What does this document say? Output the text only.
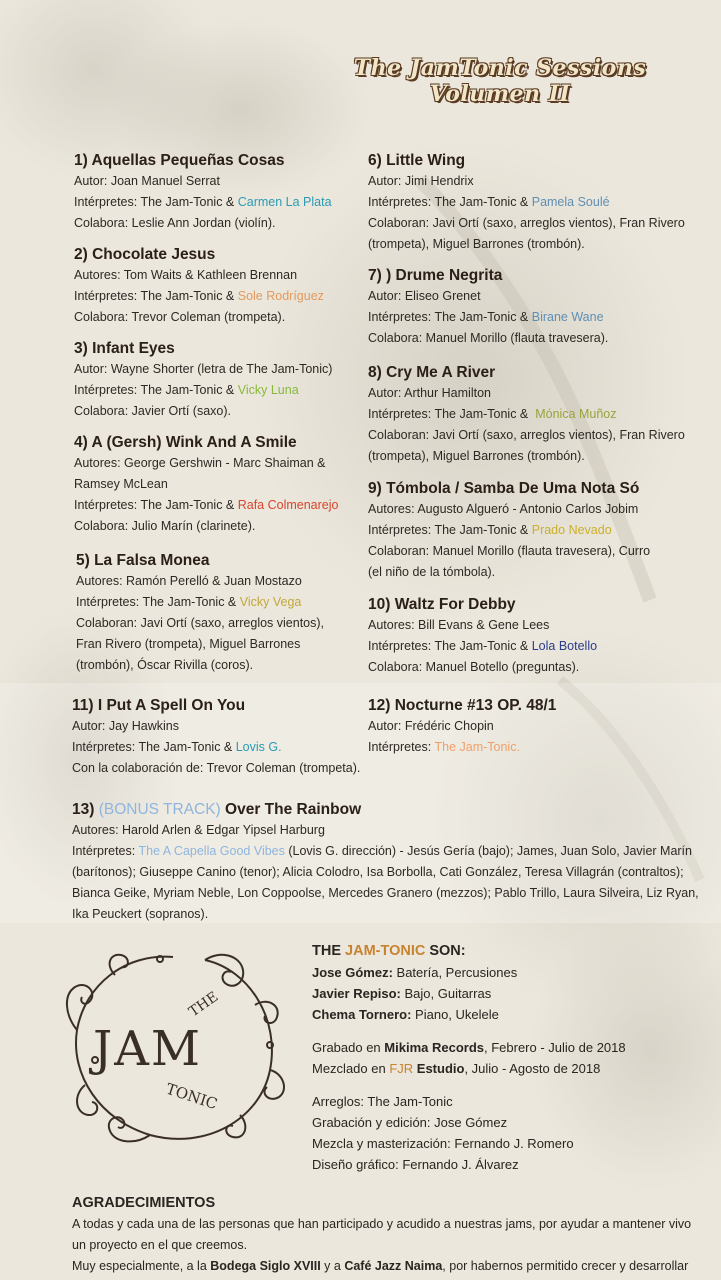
The JamTonic Sessions Volumen II
1) Aquellas Pequeñas Cosas
Autor: Joan Manuel Serrat
Intérpretes: The Jam-Tonic & Carmen La Plata
Colabora: Leslie Ann Jordan (violín).
2) Chocolate Jesus
Autores: Tom Waits & Kathleen Brennan
Intérpretes: The Jam-Tonic & Sole Rodríguez
Colabora: Trevor Coleman (trompeta).
3) Infant Eyes
Autor: Wayne Shorter (letra de The Jam-Tonic)
Intérpretes: The Jam-Tonic & Vicky Luna
Colabora: Javier Ortí (saxo).
4) A (Gersh) Wink And A Smile
Autores: George Gershwin - Marc Shaiman &
Ramsey McLean
Intérpretes: The Jam-Tonic & Rafa Colmenarejo
Colabora: Julio Marín (clarinete).
5) La Falsa Monea
Autores: Ramón Perelló & Juan Mostazo
Intérpretes: The Jam-Tonic & Vicky Vega
Colaboran: Javi Ortí (saxo, arreglos vientos),
Fran Rivero (trompeta), Miguel Barrones
(trombón), Óscar Rivilla (coros).
6) Little Wing
Autor: Jimi Hendrix
Intérpretes: The Jam-Tonic & Pamela Soulé
Colaboran: Javi Ortí (saxo, arreglos vientos), Fran Rivero
(trompeta), Miguel Barrones (trombón).
7) ) Drume Negrita
Autor: Eliseo Grenet
Intérpretes: The Jam-Tonic & Birane Wane
Colabora: Manuel Morillo (flauta travesera).
8) Cry Me A River
Autor: Arthur Hamilton
Intérpretes: The Jam-Tonic &  Mónica Muñoz
Colaboran: Javi Ortí (saxo, arreglos vientos), Fran Rivero
(trompeta), Miguel Barrones (trombón).
9) Tómbola / Samba De Uma Nota Só
Autores: Augusto Algueró - Antonio Carlos Jobim
Intérpretes: The Jam-Tonic & Prado Nevado
Colaboran: Manuel Morillo (flauta travesera), Curro
(el niño de la tómbola).
10) Waltz For Debby
Autores: Bill Evans & Gene Lees
Intérpretes: The Jam-Tonic & Lola Botello
Colabora: Manuel Botello (preguntas).
11) I Put A Spell On You
Autor: Jay Hawkins
Intérpretes: The Jam-Tonic & Lovis G.
Con la colaboración de: Trevor Coleman (trompeta).
12) Nocturne #13 OP. 48/1
Autor: Frédéric Chopin
Intérpretes: The Jam-Tonic.
13) (BONUS TRACK) Over The Rainbow
Autores: Harold Arlen & Edgar Yipsel Harburg
Intérpretes: The A Capella Good Vibes (Lovis G. dirección) - Jesús Gería (bajo); James, Juan Solo, Javier Marín
(barítonos); Giuseppe Canino (tenor); Alicia Colodro, Isa Borbolla, Cati González, Teresa Villagrán (contraltos);
Bianca Geike, Myriam Neble, Lon Coppoolse, Mercedes Granero (mezzos); Pablo Trillo, Laura Silveira, Liz Ryan,
Ika Peuckert (sopranos).
THE
JAM
TONIC
THE JAM-TONIC SON:
Jose Gómez: Batería, Percusiones
Javier Repiso: Bajo, Guitarras
Chema Tornero: Piano, Ukelele
Grabado en Mikima Records, Febrero - Julio de 2018
Mezclado en FJR Estudio, Julio - Agosto de 2018
Arreglos: The Jam-Tonic
Grabación y edición: Jose Gómez
Mezcla y masterización: Fernando J. Romero
Diseño gráfico: Fernando J. Álvarez
AGRADECIMIENTOS
A todas y cada una de las personas que han participado y acudido a nuestras jams, por ayudar a mantener vivo
un proyecto en el que creemos.
Muy especialmente, a la Bodega Siglo XVIII y a Café Jazz Naima, por habernos permitido crecer y desarrollar
